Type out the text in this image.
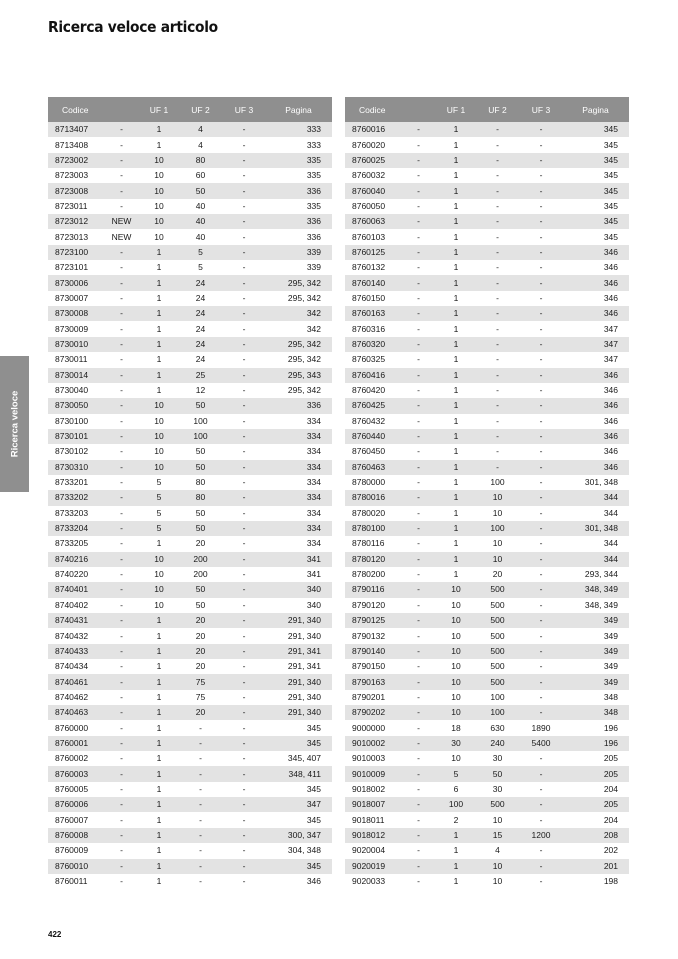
Ricerca veloce articolo
Ricerca veloce
Codice		UF 1	UF 2	UF 3	Pagina
8713407	-	1	4	-	333
8713408	-	1	4	-	333
8723002	-	10	80	-	335
8723003	-	10	60	-	335
8723008	-	10	50	-	336
8723011	-	10	40	-	335
8723012	NEW	10	40	-	336
8723013	NEW	10	40	-	336
8723100	-	1	5	-	339
8723101	-	1	5	-	339
8730006	-	1	24	-	295, 342
8730007	-	1	24	-	295, 342
8730008	-	1	24	-	342
8730009	-	1	24	-	342
8730010	-	1	24	-	295, 342
8730011	-	1	24	-	295, 342
8730014	-	1	25	-	295, 343
8730040	-	1	12	-	295, 342
8730050	-	10	50	-	336
8730100	-	10	100	-	334
8730101	-	10	100	-	334
8730102	-	10	50	-	334
8730310	-	10	50	-	334
8733201	-	5	80	-	334
8733202	-	5	80	-	334
8733203	-	5	50	-	334
8733204	-	5	50	-	334
8733205	-	1	20	-	334
8740216	-	10	200	-	341
8740220	-	10	200	-	341
8740401	-	10	50	-	340
8740402	-	10	50	-	340
8740431	-	1	20	-	291, 340
8740432	-	1	20	-	291, 340
8740433	-	1	20	-	291, 341
8740434	-	1	20	-	291, 341
8740461	-	1	75	-	291, 340
8740462	-	1	75	-	291, 340
8740463	-	1	20	-	291, 340
8760000	-	1	-	-	345
8760001	-	1	-	-	345
8760002	-	1	-	-	345, 407
8760003	-	1	-	-	348, 411
8760005	-	1	-	-	345
8760006	-	1	-	-	347
8760007	-	1	-	-	345
8760008	-	1	-	-	300, 347
8760009	-	1	-	-	304, 348
8760010	-	1	-	-	345
8760011	-	1	-	-	346
Codice		UF 1	UF 2	UF 3	Pagina
8760016	-	1	-	-	345
8760020	-	1	-	-	345
8760025	-	1	-	-	345
8760032	-	1	-	-	345
8760040	-	1	-	-	345
8760050	-	1	-	-	345
8760063	-	1	-	-	345
8760103	-	1	-	-	345
8760125	-	1	-	-	346
8760132	-	1	-	-	346
8760140	-	1	-	-	346
8760150	-	1	-	-	346
8760163	-	1	-	-	346
8760316	-	1	-	-	347
8760320	-	1	-	-	347
8760325	-	1	-	-	347
8760416	-	1	-	-	346
8760420	-	1	-	-	346
8760425	-	1	-	-	346
8760432	-	1	-	-	346
8760440	-	1	-	-	346
8760450	-	1	-	-	346
8760463	-	1	-	-	346
8780000	-	1	100	-	301, 348
8780016	-	1	10	-	344
8780020	-	1	10	-	344
8780100	-	1	100	-	301, 348
8780116	-	1	10	-	344
8780120	-	1	10	-	344
8780200	-	1	20	-	293, 344
8790116	-	10	500	-	348, 349
8790120	-	10	500	-	348, 349
8790125	-	10	500	-	349
8790132	-	10	500	-	349
8790140	-	10	500	-	349
8790150	-	10	500	-	349
8790163	-	10	500	-	349
8790201	-	10	100	-	348
8790202	-	10	100	-	348
9000000	-	18	630	1890	196
9010002	-	30	240	5400	196
9010003	-	10	30	-	205
9010009	-	5	50	-	205
9018002	-	6	30	-	204
9018007	-	100	500	-	205
9018011	-	2	10	-	204
9018012	-	1	15	1200	208
9020004	-	1	4	-	202
9020019	-	1	10	-	201
9020033	-	1	10	-	198
422
